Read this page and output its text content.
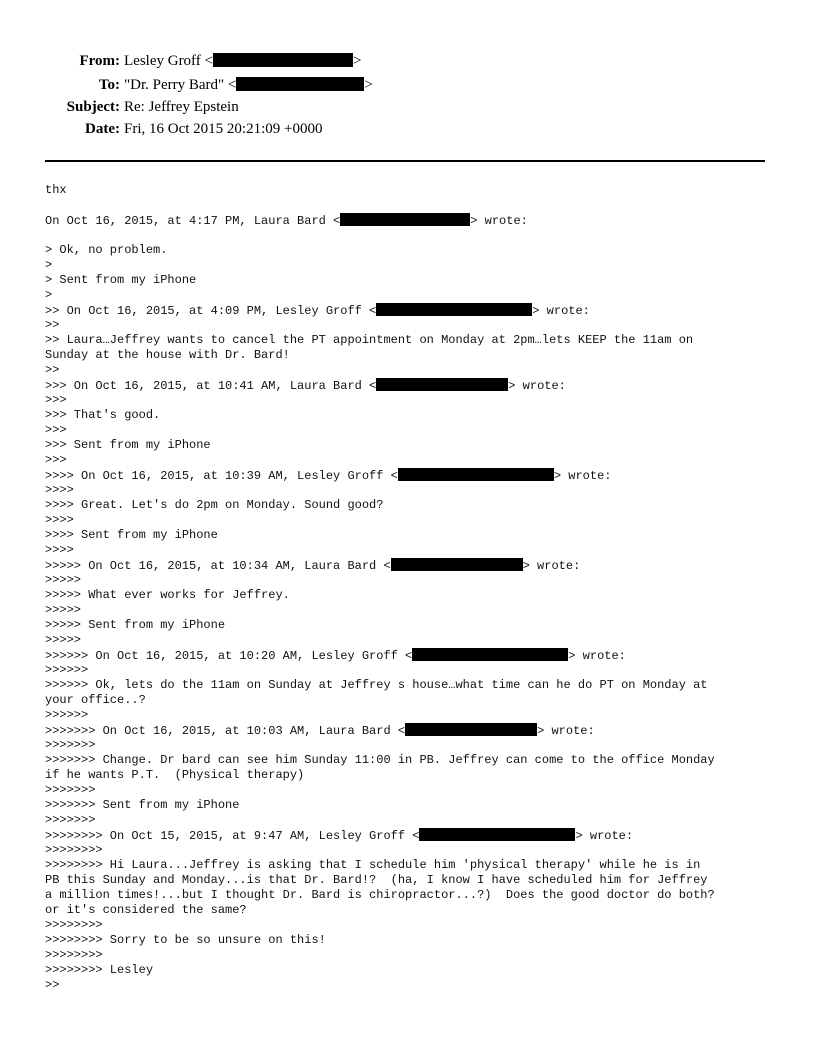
From: Lesley Groff <	>
To: "Dr. Perry Bard" <	>
Subject: Re: Jeffrey Epstein
Date: Fri, 16 Oct 2015 20:21:09 +0000
thx
On Oct 16, 2015, at 4:17 PM, Laura Bard <	> wrote:
> Ok, no problem.
>
> Sent from my iPhone
>
>> On Oct 16, 2015, at 4:09 PM, Lesley Groff <	> wrote:
>>
>> Laura…Jeffrey wants to cancel the PT appointment on Monday at 2pm…lets KEEP the 11am on
Sunday at the house with Dr. Bard!
>>
>>> On Oct 16, 2015, at 10:41 AM, Laura Bard <	> wrote:
>>>
>>> That's good.
>>>
>>> Sent from my iPhone
>>>
>>>> On Oct 16, 2015, at 10:39 AM, Lesley Groff <	> wrote:
>>>>
>>>> Great. Let's do 2pm on Monday. Sound good?
>>>>
>>>> Sent from my iPhone
>>>>
>>>>> On Oct 16, 2015, at 10:34 AM, Laura Bard <	> wrote:
>>>>>
>>>>> What ever works for Jeffrey.
>>>>>
>>>>> Sent from my iPhone
>>>>>
>>>>>> On Oct 16, 2015, at 10:20 AM, Lesley Groff <	> wrote:
>>>>>>
>>>>>> Ok, lets do the 11am on Sunday at Jeffrey s house…what time can he do PT on Monday at
your office..?
>>>>>>
>>>>>>> On Oct 16, 2015, at 10:03 AM, Laura Bard <	> wrote:
>>>>>>>
>>>>>>> Change. Dr bard can see him Sunday 11:00 in PB. Jeffrey can come to the office Monday
if he wants P.T.  (Physical therapy)
>>>>>>>
>>>>>>> Sent from my iPhone
>>>>>>>
>>>>>>>> On Oct 15, 2015, at 9:47 AM, Lesley Groff <	> wrote:
>>>>>>>>
>>>>>>>> Hi Laura...Jeffrey is asking that I schedule him 'physical therapy' while he is in
PB this Sunday and Monday...is that Dr. Bard!?  (ha, I know I have scheduled him for Jeffrey
a million times!...but I thought Dr. Bard is chiropractor...?)  Does the good doctor do both?
or it's considered the same?
>>>>>>>>
>>>>>>>> Sorry to be so unsure on this!
>>>>>>>>
>>>>>>>> Lesley
>>
